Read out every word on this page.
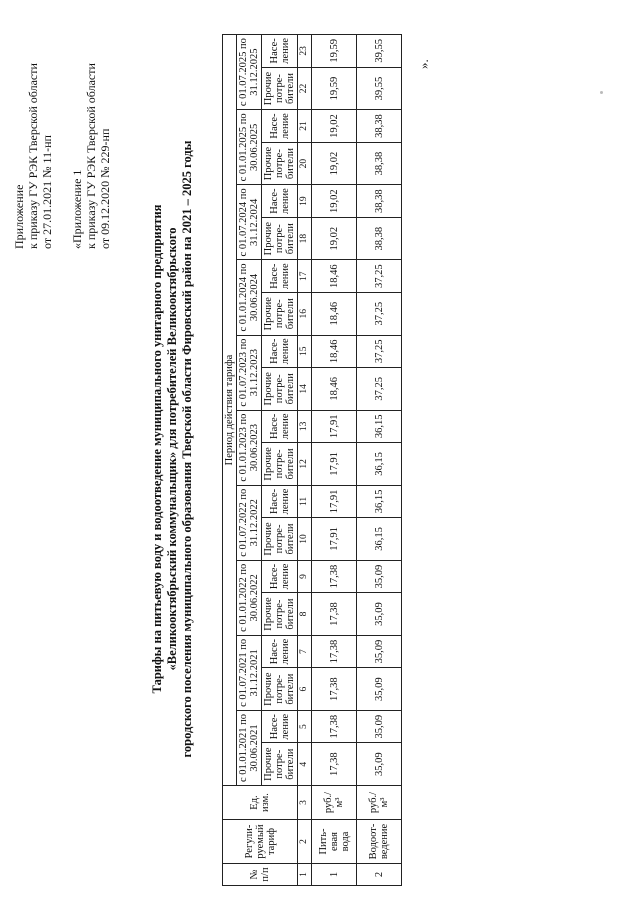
Приложение к приказу ГУ РЭК Тверской области от 27.01.2021 № 11-нп «Приложение 1 к приказу ГУ РЭК Тверской области от 09.12.2020 № 229-нп
Тарифы на питьевую воду и водоотведение муниципального унитарного предприятия «Великооктябрьский коммунальщик» для потребителей Великооктябрьского городского поселения муниципального образования Тверской области Фировский район на 2021 – 2025 годы
№ п/п	Регули-руемый тариф	Ед. изм.	Период действия тарифа																			
			с 01.01.2021 по 30.06.2021		с 01.07.2021 по 31.12.2021		с 01.01.2022 по 30.06.2022		с 01.07.2022 по 31.12.2022		с 01.01.2023 по 30.06.2023		с 01.07.2023 по 31.12.2023		с 01.01.2024 по 30.06.2024		с 01.07.2024 по 31.12.2024		с 01.01.2025 по 30.06.2025		с 01.07.2025 по 31.12.2025	
			Прочие потре-бители	Насе-ление	Прочие потре-бители	Насе-ление	Прочие потре-бители	Насе-ление	Прочие потре-бители	Насе-ление	Прочие потре-бители	Насе-ление	Прочие потре-бители	Насе-ление	Прочие потре-бители	Насе-ление	Прочие потре-бители	Насе-ление	Прочие потре-бители	Насе-ление	Прочие потре-бители	Насе-ление
1	2	3	4	5	6	7	8	9	10	11	12	13	14	15	16	17	18	19	20	21	22	23
1	Пить-евая вода	руб./м³	17,38	17,38	17,38	17,38	17,38	17,38	17,91	17,91	17,91	17,91	18,46	18,46	18,46	18,46	19,02	19,02	19,02	19,02	19,59	19,59
2	Водоот-ведение	руб./м³	35,09	35,09	35,09	35,09	35,09	35,09	36,15	36,15	36,15	36,15	37,25	37,25	37,25	37,25	38,38	38,38	38,38	38,38	39,55	39,55
».
